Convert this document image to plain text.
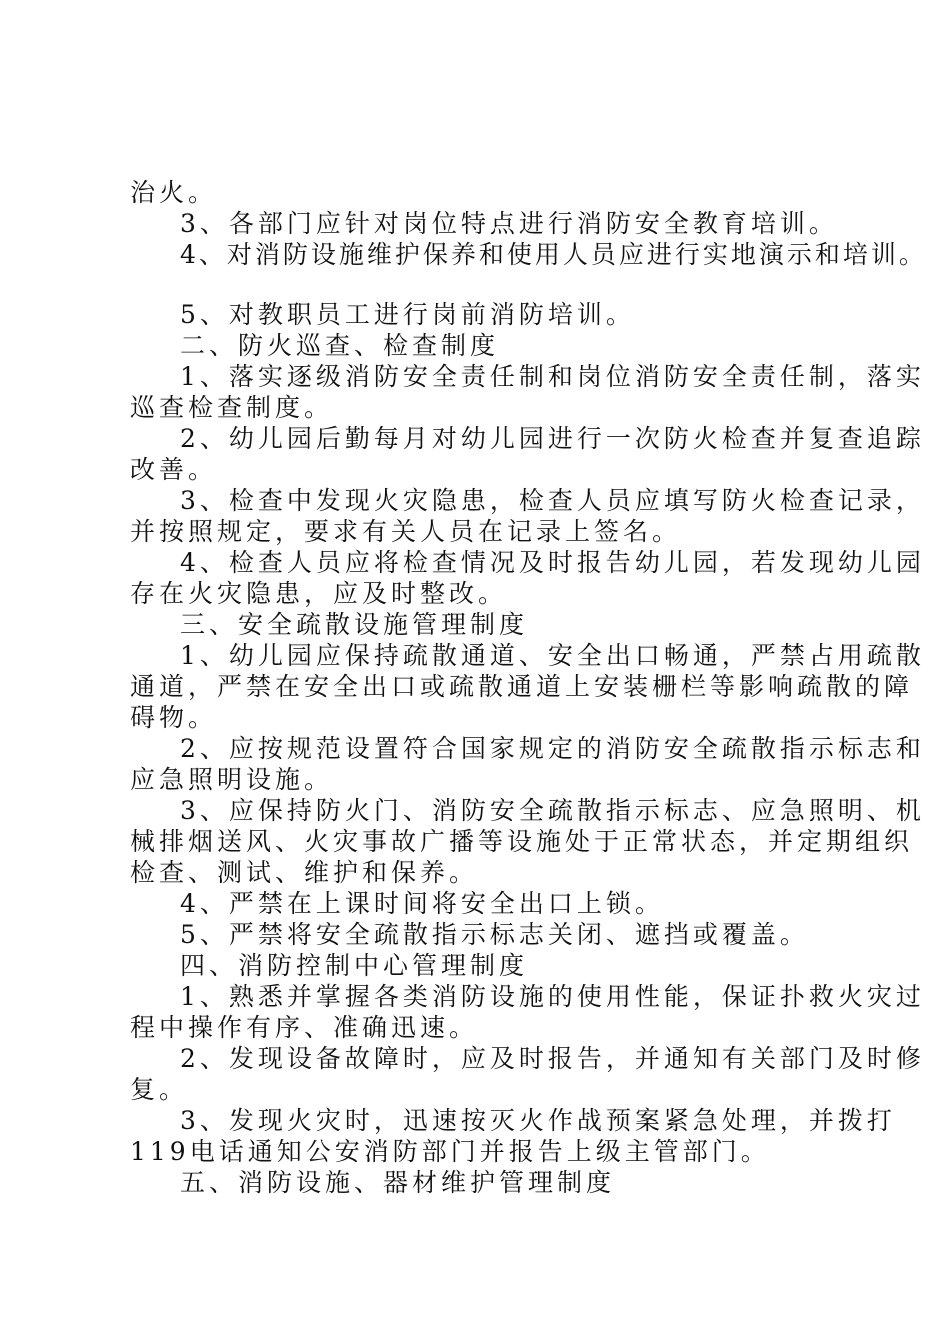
治火。
3、各部门应针对岗位特点进行消防安全教育培训。
4、对消防设施维护保养和使用人员应进行实地演示和培训。
5、对教职员工进行岗前消防培训。
二、防火巡查、检查制度
1、落实逐级消防安全责任制和岗位消防安全责任制，落实
巡查检查制度。
2、幼儿园后勤每月对幼儿园进行一次防火检查并复查追踪
改善。
3、检查中发现火灾隐患，检查人员应填写防火检查记录，
并按照规定，要求有关人员在记录上签名。
4、检查人员应将检查情况及时报告幼儿园，若发现幼儿园
存在火灾隐患，应及时整改。
三、安全疏散设施管理制度
1、幼儿园应保持疏散通道、安全出口畅通，严禁占用疏散
通道，严禁在安全出口或疏散通道上安装栅栏等影响疏散的障
碍物。
2、应按规范设置符合国家规定的消防安全疏散指示标志和
应急照明设施。
3、应保持防火门、消防安全疏散指示标志、应急照明、机
械排烟送风、火灾事故广播等设施处于正常状态，并定期组织
检查、测试、维护和保养。
4、严禁在上课时间将安全出口上锁。
5、严禁将安全疏散指示标志关闭、遮挡或覆盖。
四、消防控制中心管理制度
1、熟悉并掌握各类消防设施的使用性能，保证扑救火灾过
程中操作有序、准确迅速。
2、发现设备故障时，应及时报告，并通知有关部门及时修
复。
3、发现火灾时，迅速按灭火作战预案紧急处理，并拨打
119电话通知公安消防部门并报告上级主管部门。
五、消防设施、器材维护管理制度
